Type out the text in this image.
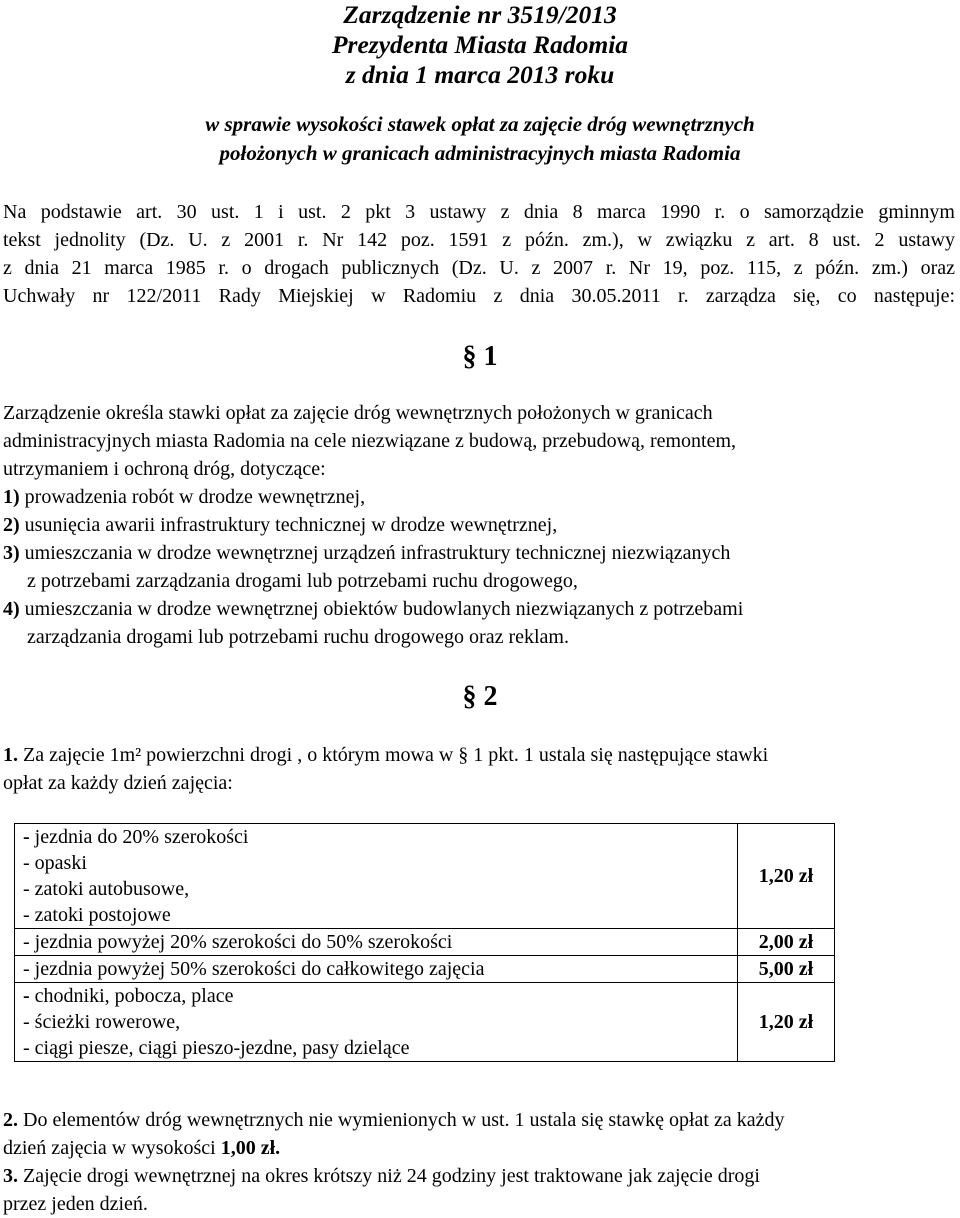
Zarządzenie nr 3519/2013
Prezydenta Miasta Radomia
z dnia 1 marca 2013 roku
w sprawie wysokości stawek opłat za zajęcie dróg wewnętrznych
położonych w granicach administracyjnych miasta Radomia
Na podstawie art. 30 ust. 1 i ust. 2 pkt 3 ustawy z dnia 8 marca 1990 r. o samorządzie gminnym
tekst jednolity (Dz. U. z 2001 r. Nr 142 poz. 1591 z późn. zm.), w związku z art. 8 ust. 2 ustawy
z dnia 21 marca 1985 r. o drogach publicznych (Dz. U. z 2007 r. Nr 19, poz. 115, z późn. zm.) oraz
Uchwały nr 122/2011 Rady Miejskiej w Radomiu z dnia 30.05.2011 r. zarządza się, co następuje:
§ 1
Zarządzenie określa stawki opłat za zajęcie dróg wewnętrznych położonych w granicach
administracyjnych miasta Radomia na cele niezwiązane z budową, przebudową, remontem,
utrzymaniem i ochroną dróg, dotyczące:
1) prowadzenia robót w drodze wewnętrznej,
2) usunięcia awarii infrastruktury technicznej w drodze wewnętrznej,
3) umieszczania w drodze wewnętrznej urządzeń infrastruktury technicznej niezwiązanych
z potrzebami zarządzania drogami lub potrzebami ruchu drogowego,
4) umieszczania w drodze wewnętrznej obiektów budowlanych niezwiązanych z potrzebami
zarządzania drogami lub potrzebami ruchu drogowego oraz reklam.
§ 2
1. Za zajęcie 1m² powierzchni drogi , o którym mowa w § 1 pkt. 1 ustala się następujące stawki
opłat za każdy dzień zajęcia:
- jezdnia do 20% szerokości
- opaski
- zatoki autobusowe,
- zatoki postojowe	1,20 zł
- jezdnia powyżej 20% szerokości do 50% szerokości	2,00 zł
- jezdnia powyżej 50% szerokości do całkowitego zajęcia	5,00 zł

- chodniki, pobocza, place
- ścieżki rowerowe,
- ciągi piesze, ciągi pieszo-jezdne, pasy dzielące	1,20 zł
2. Do elementów dróg wewnętrznych nie wymienionych w ust. 1 ustala się stawkę opłat za każdy
dzień zajęcia w wysokości 1,00 zł.
3. Zajęcie drogi wewnętrznej na okres krótszy niż 24 godziny jest traktowane jak zajęcie drogi
przez jeden dzień.
